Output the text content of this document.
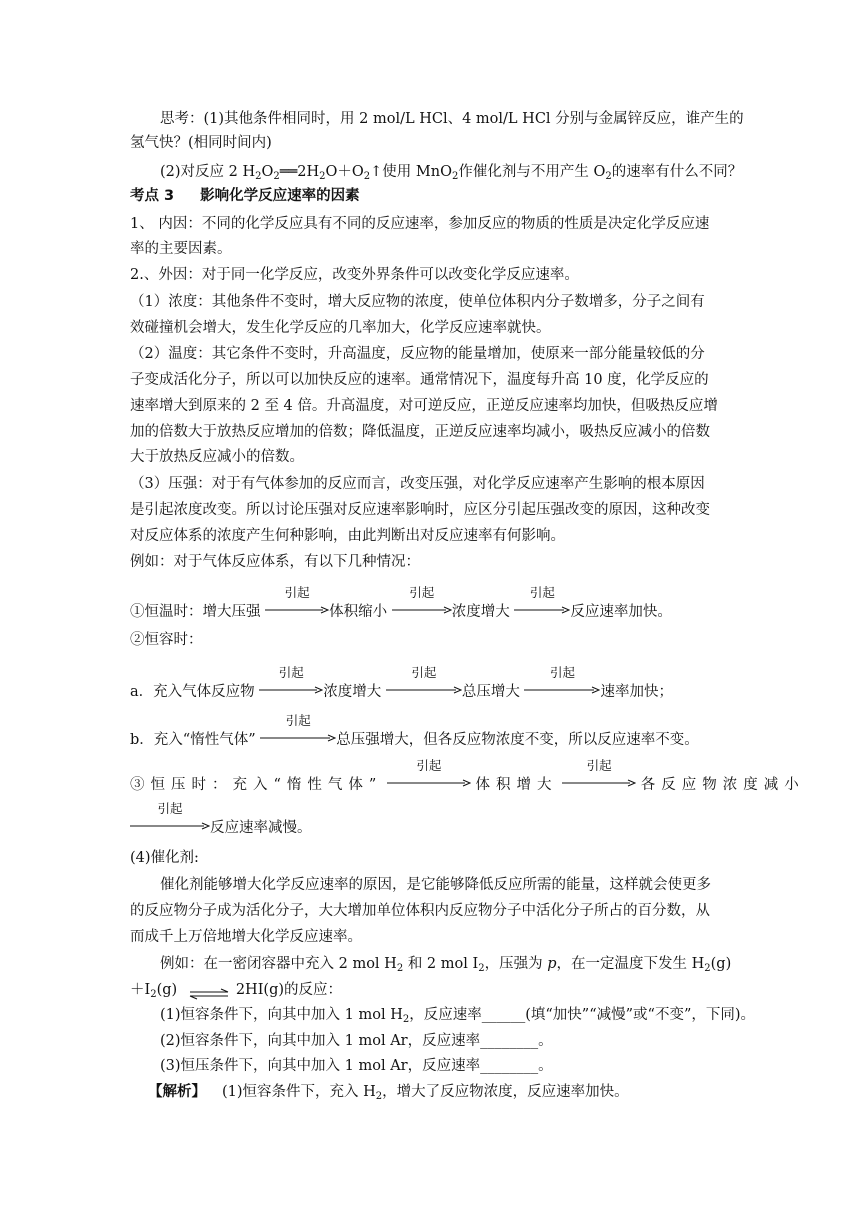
思考：(1)其他条件相同时，用 2 mol/L HCl、4 mol/L HCl 分别与金属锌反应，谁产生的
氢气快？(相同时间内)
(2)对反应 2 $H_2O_2══2H_2O+O_2↑$使用 MnO$_2$作催化剂与不用产生 $O_2$的速率有什么不同？
考点 3 影响化学反应速率的因素
1、 内因：不同的化学反应具有不同的反应速率，参加反应的物质的性质是决定化学反应速
率的主要因素。
2.、外因：对于同一化学反应，改变外界条件可以改变化学反应速率。
（1）浓度：其他条件不变时，增大反应物的浓度，使单位体积内分子数增多，分子之间有
效碰撞机会增大，发生化学反应的几率加大，化学反应速率就快。
（2）温度：其它条件不变时，升高温度，反应物的能量增加，使原来一部分能量较低的分
子变成活化分子，所以可以加快反应的速率。通常情况下，温度每升高 10 度，化学反应的
速率增大到原来的 2 至 4 倍。升高温度，对可逆反应，正逆反应速率均加快，但吸热反应增
加的倍数大于放热反应增加的倍数；降低温度，正逆反应速率均减小，吸热反应减小的倍数
大于放热反应减小的倍数。
（3）压强：对于有气体参加的反应而言，改变压强，对化学反应速率产生影响的根本原因
是引起浓度改变。所以讨论压强对反应速率影响时，应区分引起压强改变的原因，这种改变
对反应体系的浓度产生何种影响，由此判断出对反应速率有何影响。
例如：对于气体反应体系，有以下几种情况：
①恒温时：增大压强
引起
体积缩小
引起
浓度增大
引起
反应速率加快。
②恒容时：
a．充入气体反应物
引起
浓度增大
引起
总压增大
引起
速率加快；
b．充入“惰性气体”
引起
总压强增大，但各反应物浓度不变，所以反应速率不变。
③恒压时：充入“惰性气体”
引起
体积增大
引起
各反应物浓度减小
引起
反应速率减慢。
(4)催化剂:
催化剂能够增大化学反应速率的原因，是它能够降低反应所需的能量，这样就会使更多
的反应物分子成为活化分子，大大增加单位体积内反应物分子中活化分子所占的百分数，从
而成千上万倍地增大化学反应速率。
例如：在一密闭容器中充入 2 mol $H_2$ 和 2 mol $I_2$，压强为 p，在一定温度下发生 $H_2(g)$
$+I_2(g)$ ⇌ 2HI(g)的反应：
(1)恒容条件下，向其中加入 1 mol $H_2$，反应速率______(填“加快”“减慢”或“不变”，下同)。
(2)恒容条件下，向其中加入 1 mol Ar，反应速率________。
(3)恒压条件下，向其中加入 1 mol Ar，反应速率________。
【解析】 (1)恒容条件下，充入 $H_2$，增大了反应物浓度，反应速率加快。
